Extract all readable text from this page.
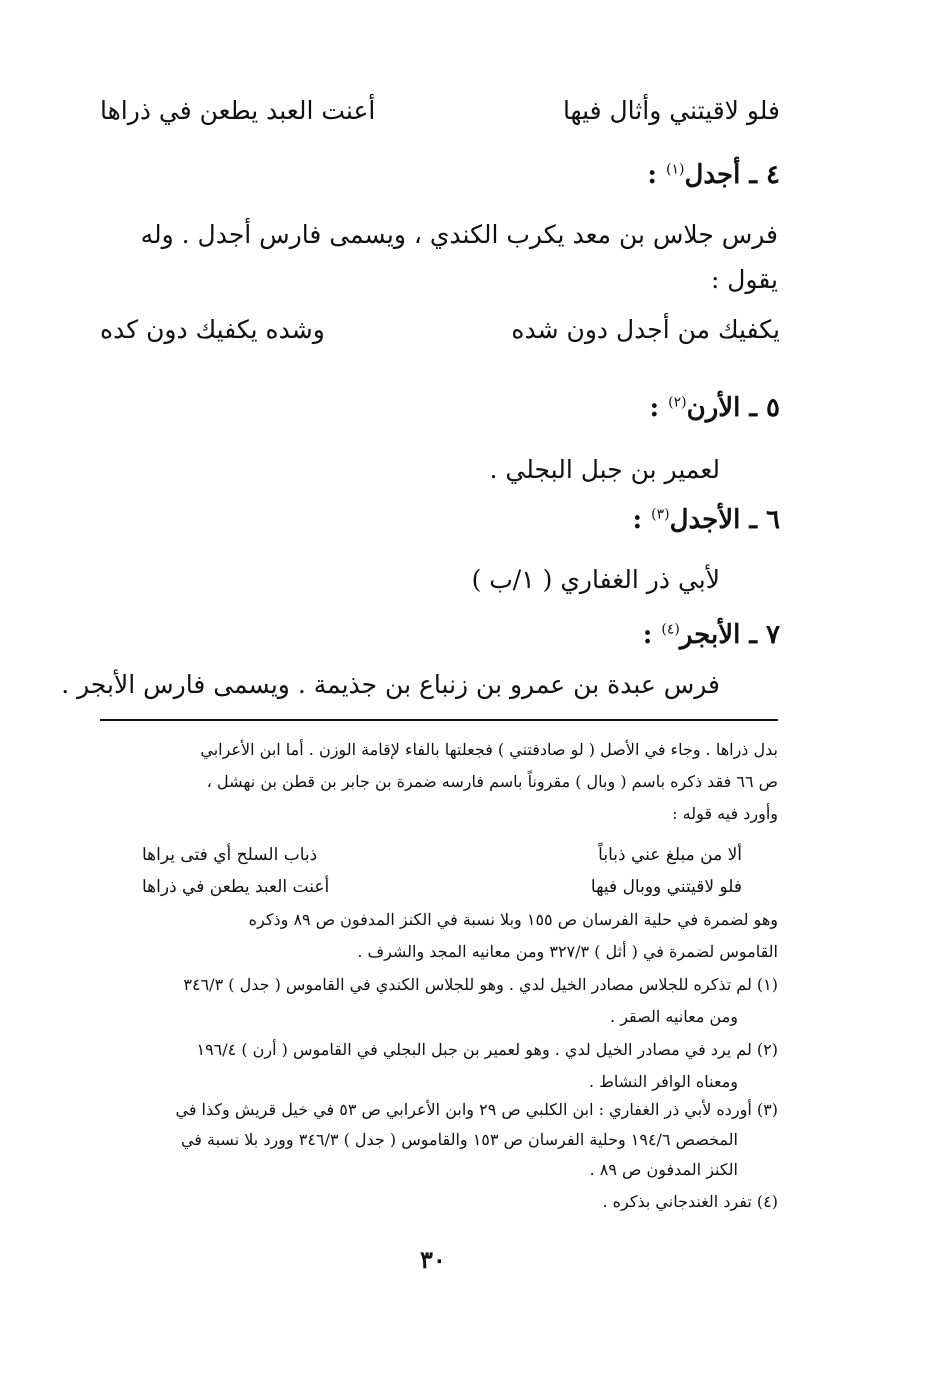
فلو لاقيتني وأثال فيها
أعنت العبد يطعن في ذراها
٤ ـ أجدل$^{(١)}$ :
فرس جلاس بن معد يكرب الكندي ، ويسمى فارس أجدل . وله
يقول :
يكفيك من أجدل دون شده
وشده يكفيك دون كده
٥ ـ الأرن$^{(٢)}$ :
لعمير بن جبل البجلي .
٦ ـ الأجدل$^{(٣)}$ :
لأبي ذر الغفاري ( ١/ب )
٧ ـ الأبجر$^{(٤)}$ :
فرس عبدة بن عمرو بن زنباع بن جذيمة . ويسمى فارس الأبجر .
بدل ذراها . وجاء في الأصل ( لو صادفتني ) فجعلتها بالفاء لإقامة الوزن . أما ابن الأعرابي
ص ٦٦ فقد ذكره باسم ( وبال ) مقروناً باسم فارسه ضمرة بن جابر بن قطن بن نهشل ،
وأورد فيه قوله :
ألا من مبلغ عني ذباباً
ذباب السلح أي فتى يراها
فلو لاقيتني ووبال فيها
أعنت العبد يطعن في ذراها
وهو لضمرة في حلية الفرسان ص ١٥٥ وبلا نسبة في الكنز المدفون ص ٨٩ وذكره
القاموس لضمرة في ( أثل ) ٣٢٧/٣ ومن معانيه المجد والشرف .
(١) لم تذكره للجلاس مصادر الخيل لدي . وهو للجلاس الكندي في القاموس ( جدل ) ٣٤٦/٣
ومن معانيه الصقر .
(٢) لم يرد في مصادر الخيل لدي . وهو لعمير بن جبل البجلي في القاموس ( أرن ) ١٩٦/٤
ومعناه الوافر النشاط .
(٣) أورده لأبي ذر الغفاري : ابن الكلبي ص ٢٩ وابن الأعرابي ص ٥٣ في خيل قريش وكذا في
المخصص ١٩٤/٦ وحلية الفرسان ص ١٥٣ والقاموس ( جدل ) ٣٤٦/٣ وورد بلا نسبة في
الكنز المدفون ص ٨٩ .
(٤) تفرد الغندجاني بذكره .
٣٠
